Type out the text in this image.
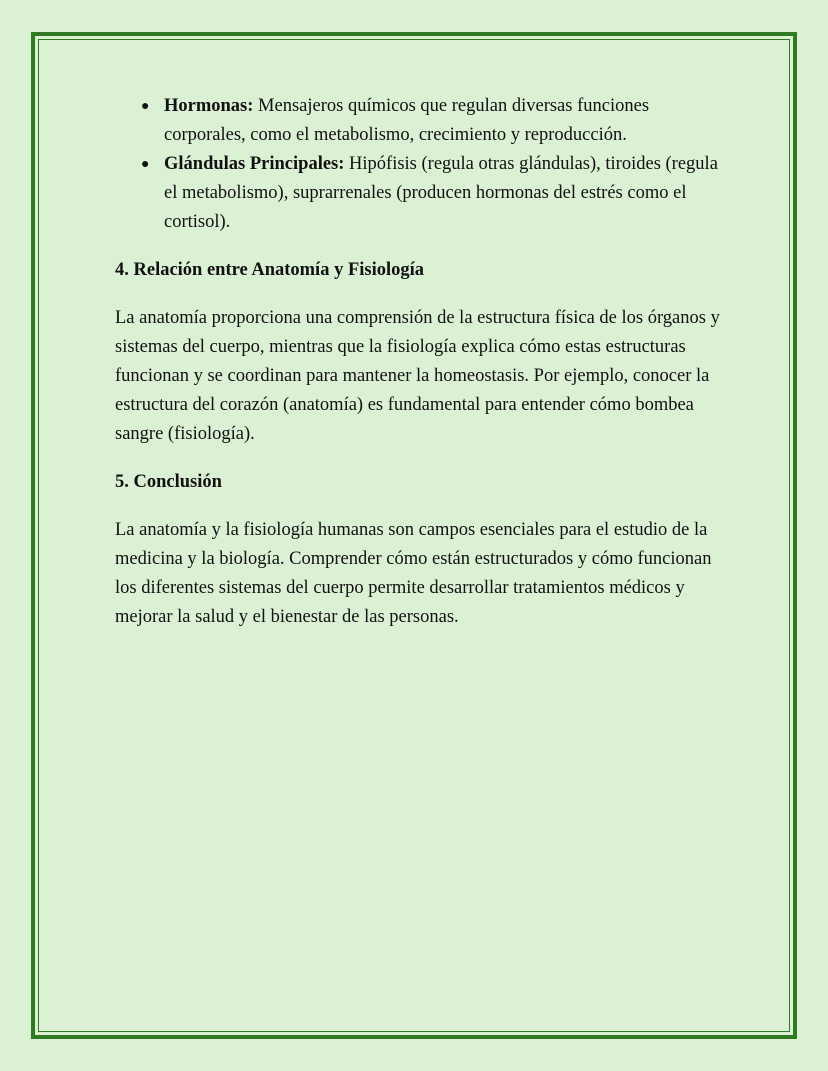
● Hormonas: Mensajeros químicos que regulan diversas funciones corporales, como el metabolismo, crecimiento y reproducción.
● Glándulas Principales: Hipófisis (regula otras glándulas), tiroides (regula el metabolismo), suprarrenales (producen hormonas del estrés como el cortisol).
4. Relación entre Anatomía y Fisiología

La anatomía proporciona una comprensión de la estructura física de los órganos y sistemas del cuerpo, mientras que la fisiología explica cómo estas estructuras funcionan y se coordinan para mantener la homeostasis. Por ejemplo, conocer la estructura del corazón (anatomía) es fundamental para entender cómo bombea sangre (fisiología).

5. Conclusión

La anatomía y la fisiología humanas son campos esenciales para el estudio de la medicina y la biología. Comprender cómo están estructurados y cómo funcionan los diferentes sistemas del cuerpo permite desarrollar tratamientos médicos y mejorar la salud y el bienestar de las personas.
